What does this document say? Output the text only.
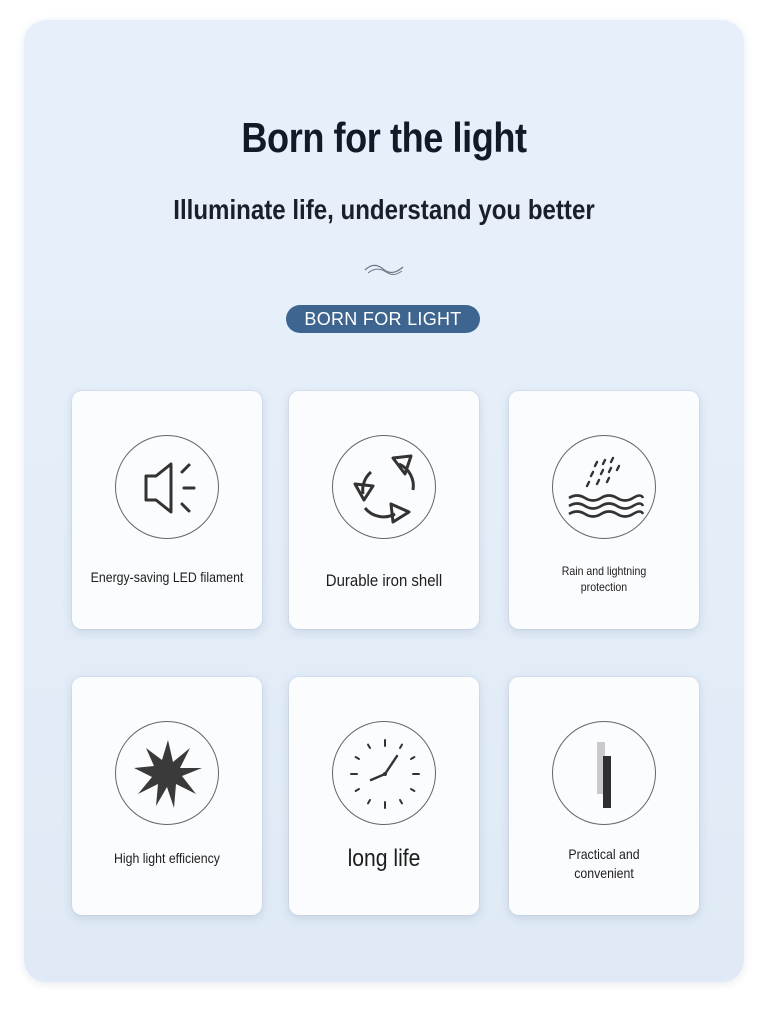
Born for the light
Illuminate life, understand you better
BORN FOR LIGHT
Energy-saving LED filament	Durable iron shell	Rain and lightning
protection
High light efficiency	long life	Practical and
convenient
